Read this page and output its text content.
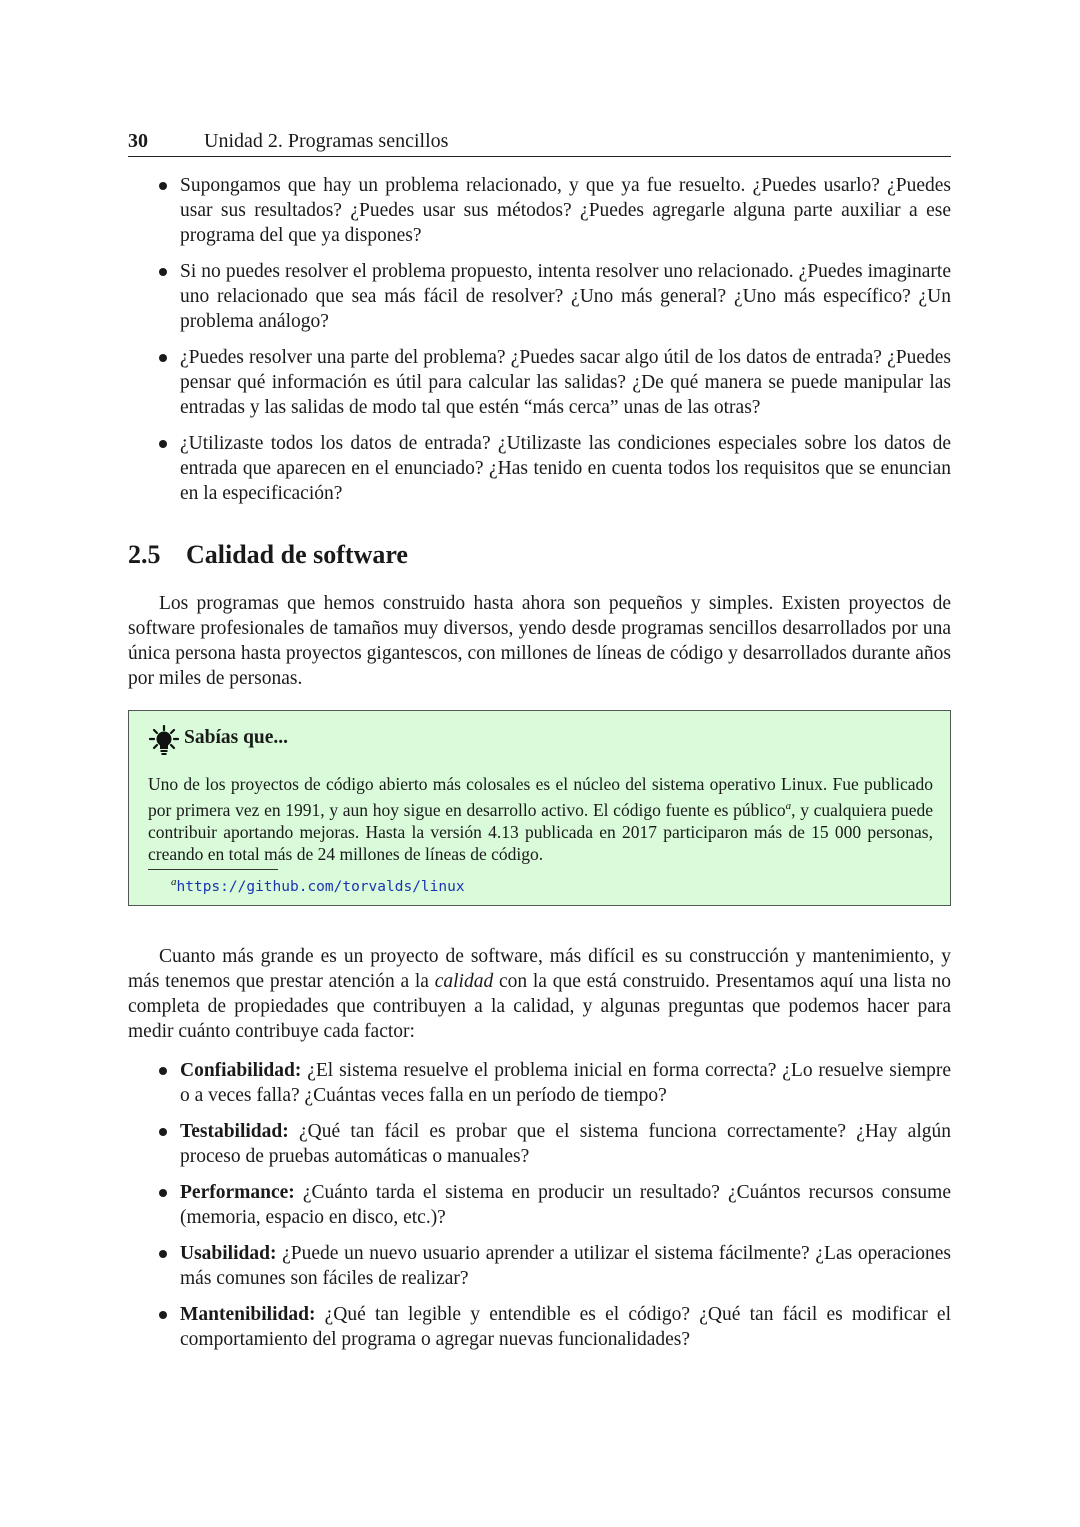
30	Unidad 2. Programas sencillos
Supongamos que hay un problema relacionado, y que ya fue resuelto. ¿Puedes usarlo? ¿Puedes usar sus resultados? ¿Puedes usar sus métodos? ¿Puedes agregarle alguna parte auxiliar a ese programa del que ya dispones?
Si no puedes resolver el problema propuesto, intenta resolver uno relacionado. ¿Puedes imaginarte uno relacionado que sea más fácil de resolver? ¿Uno más general? ¿Uno más específico? ¿Un problema análogo?
¿Puedes resolver una parte del problema? ¿Puedes sacar algo útil de los datos de entrada? ¿Puedes pensar qué información es útil para calcular las salidas? ¿De qué manera se puede manipular las entradas y las salidas de modo tal que estén “más cerca” unas de las otras?
¿Utilizaste todos los datos de entrada? ¿Utilizaste las condiciones especiales sobre los datos de entrada que aparecen en el enunciado? ¿Has tenido en cuenta todos los requisitos que se enuncian en la especificación?
2.5 Calidad de software

Los programas que hemos construido hasta ahora son pequeños y simples. Existen proyectos de software profesionales de tamaños muy diversos, yendo desde programas sencillos desarrollados por una única persona hasta proyectos gigantescos, con millones de líneas de código y desarrollados durante años por miles de personas.

Sabías que...

Uno de los proyectos de código abierto más colosales es el núcleo del sistema operativo Linux. Fue publicado por primera vez en 1991, y aun hoy sigue en desarrollo activo. El código fuente es público$^a$, y cualquiera puede contribuir aportando mejoras. Hasta la versión 4.13 publicada en 2017 participaron más de 15 000 personas, creando en total más de 24 millones de líneas de código.

$^a$https://github.com/torvalds/linux

Cuanto más grande es un proyecto de software, más difícil es su construcción y mantenimiento, y más tenemos que prestar atención a la calidad con la que está construido. Presentamos aquí una lista no completa de propiedades que contribuyen a la calidad, y algunas preguntas que podemos hacer para medir cuánto contribuye cada factor:

Confiabilidad: ¿El sistema resuelve el problema inicial en forma correcta? ¿Lo resuelve siempre o a veces falla? ¿Cuántas veces falla en un período de tiempo?
Testabilidad: ¿Qué tan fácil es probar que el sistema funciona correctamente? ¿Hay algún proceso de pruebas automáticas o manuales?
Performance: ¿Cuánto tarda el sistema en producir un resultado? ¿Cuántos recursos consume (memoria, espacio en disco, etc.)?
Usabilidad: ¿Puede un nuevo usuario aprender a utilizar el sistema fácilmente? ¿Las operaciones más comunes son fáciles de realizar?
Mantenibilidad: ¿Qué tan legible y entendible es el código? ¿Qué tan fácil es modificar el comportamiento del programa o agregar nuevas funcionalidades?
